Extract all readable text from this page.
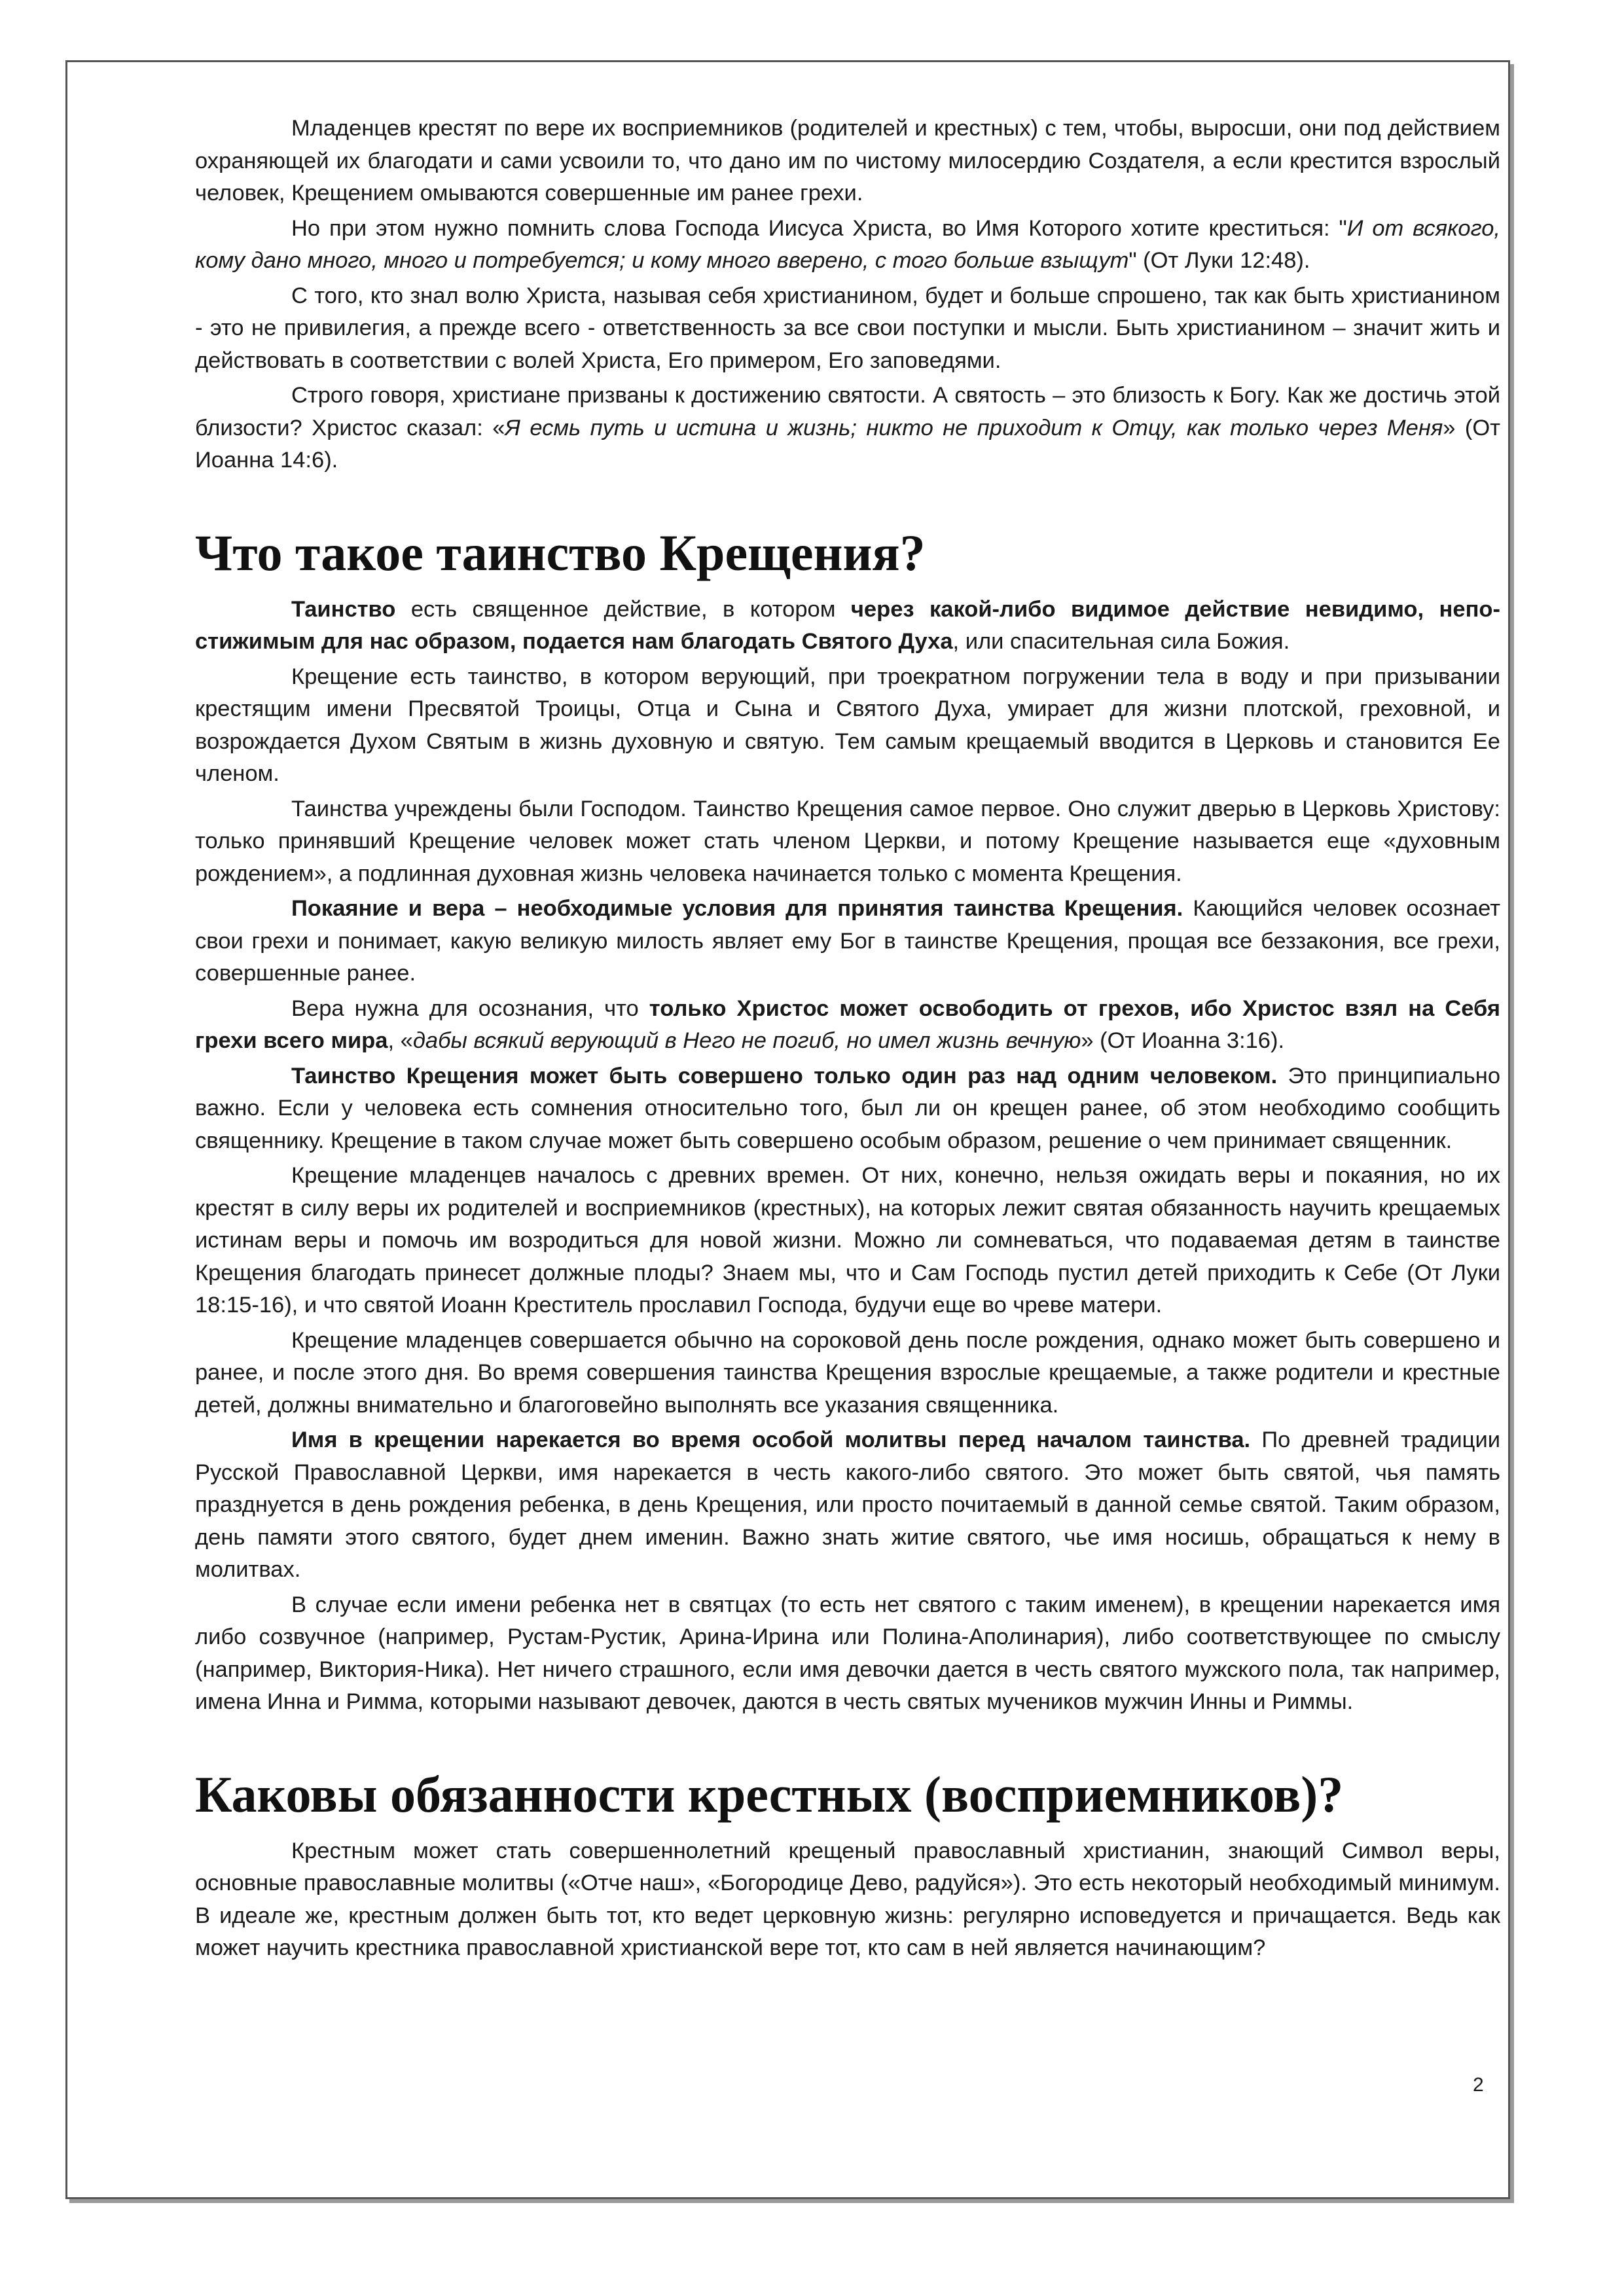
Младенцев крестят по вере их восприемников (родителей и крестных) с тем, чтобы, выросши, они под действием охраняющей их благодати и сами усвоили то, что дано им по чистому милосердию Создателя, а если крестится взрослый человек, Крещением омываются совершенные им ранее грехи.

Но при этом нужно помнить слова Господа Иисуса Христа, во Имя Которого хотите креститься: "И от всякого, кому дано много, много и потребуется; и кому много вверено, с того больше взыщут" (От Луки 12:48).

С того, кто знал волю Христа, называя себя христианином, будет и больше спрошено, так как быть христианином - это не привилегия, а прежде всего - ответственность за все свои поступки и мысли. Быть христианином – значит жить и действовать в соответствии с волей Христа, Его примером, Его заповедями.

Строго говоря, христиане призваны к достижению святости. А святость – это близость к Богу. Как же достичь этой близости? Христос сказал: «Я есмь путь и истина и жизнь; никто не приходит к Отцу, как только через Меня» (От Иоанна 14:6).

Что такое таинство Крещения?

Таинство есть священное действие, в котором через какой-либо видимое действие невидимо, непостижимым для нас образом, подается нам благодать Святого Духа, или спасительная сила Божия.

Крещение есть таинство, в котором верующий, при троекратном погружении тела в воду и при призывании крестящим имени Пресвятой Троицы, Отца и Сына и Святого Духа, умирает для жизни плотской, греховной, и возрождается Духом Святым в жизнь духовную и святую. Тем самым крещаемый вводится в Церковь и становится Ее членом.

Таинства учреждены были Господом. Таинство Крещения самое первое. Оно служит дверью в Церковь Христову: только принявший Крещение человек может стать членом Церкви, и потому Крещение называется еще «духовным рождением», а подлинная духовная жизнь человека начинается только с момента Крещения.

Покаяние и вера – необходимые условия для принятия таинства Крещения. Кающийся человек осознает свои грехи и понимает, какую великую милость являет ему Бог в таинстве Крещения, прощая все беззакония, все грехи, совершенные ранее.

Вера нужна для осознания, что только Христос может освободить от грехов, ибо Христос взял на Себя грехи всего мира, «дабы всякий верующий в Него не погиб, но имел жизнь вечную» (От Иоанна 3:16).

Таинство Крещения может быть совершено только один раз над одним человеком. Это принципиально важно. Если у человека есть сомнения относительно того, был ли он крещен ранее, об этом необходимо сообщить священнику. Крещение в таком случае может быть совершено особым образом, решение о чем принимает священник.

Крещение младенцев началось с древних времен. От них, конечно, нельзя ожидать веры и покаяния, но их крестят в силу веры их родителей и восприемников (крестных), на которых лежит святая обязанность научить крещаемых истинам веры и помочь им возродиться для новой жизни. Можно ли сомневаться, что подаваемая детям в таинстве Крещения благодать принесет должные плоды? Знаем мы, что и Сам Господь пустил детей приходить к Себе (От Луки 18:15-16), и что святой Иоанн Креститель прославил Господа, будучи еще во чреве матери.

Крещение младенцев совершается обычно на сороковой день после рождения, однако может быть совершено и ранее, и после этого дня. Во время совершения таинства Крещения взрослые крещаемые, а также родители и крестные детей, должны внимательно и благоговейно выполнять все указания священника.

Имя в крещении нарекается во время особой молитвы перед началом таинства. По древней традиции Русской Православной Церкви, имя нарекается в честь какого-либо святого. Это может быть святой, чья память празднуется в день рождения ребенка, в день Крещения, или просто почитаемый в данной семье святой. Таким образом, день памяти этого святого, будет днем именин. Важно знать житие святого, чье имя носишь, обращаться к нему в молитвах.

В случае если имени ребенка нет в святцах (то есть нет святого с таким именем), в крещении нарекается имя либо созвучное (например, Рустам-Рустик, Арина-Ирина или Полина-Аполинария), либо соответствующее по смыслу (например, Виктория-Ника). Нет ничего страшного, если имя девочки дается в честь святого мужского пола, так например, имена Инна и Римма, которыми называют девочек, даются в честь святых мучеников мужчин Инны и Риммы.

Каковы обязанности крестных (восприемников)?

Крестным может стать совершеннолетний крещеный православный христианин, знающий Символ веры, основные православные молитвы («Отче наш», «Богородице Дево, радуйся»). Это есть некоторый необходимый минимум. В идеале же, крестным должен быть тот, кто ведет церковную жизнь: регулярно исповедуется и причащается. Ведь как может научить крестника православной христианской вере тот, кто сам в ней является начинающим?

2
